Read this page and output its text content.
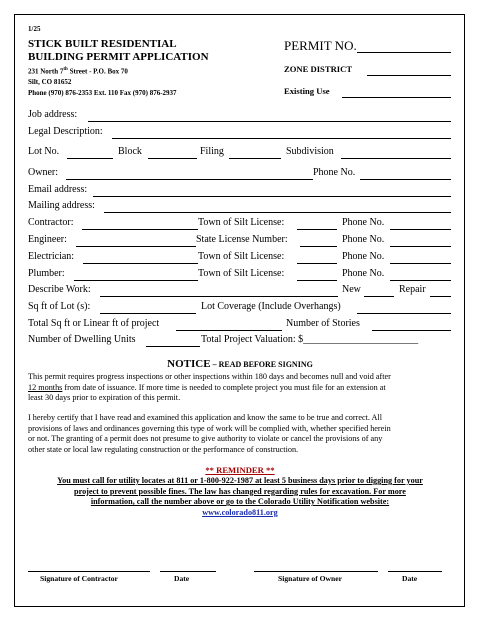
1/25
STICK BUILT RESIDENTIAL
BUILDING PERMIT APPLICATION
231 North 7th Street - P.O. Box 70
Silt, CO 81652
Phone (970) 876-2353 Ext. 110 Fax (970) 876-2937
PERMIT NO.
ZONE DISTRICT
Existing Use
Job address:
Legal Description:
Lot No.	Block	Filing	Subdivision
Owner:	Phone No.
Email address:
Mailing address:
Contractor:	Town of Silt License:	Phone No.
Engineer:	State License Number:	Phone No.
Electrician:	Town of Silt License:	Phone No.
Plumber:	Town of Silt License:	Phone No.
Describe Work:	New	Repair
Sq ft of Lot (s):	Lot Coverage (Include Overhangs)
Total Sq ft or Linear ft of project	Number of Stories
Number of Dwelling Units	Total Project Valuation: $_______________________
NOTICE – READ BEFORE SIGNING
This permit requires progress inspections or other inspections within 180 days and becomes null and void after
12 months from date of issuance. If more time is needed to complete project you must file for an extension at
least 30 days prior to expiration of this permit.
I hereby certify that I have read and examined this application and know the same to be true and correct. All
provisions of laws and ordinances governing this type of work will be complied with, whether specified herein
or not. The granting of a permit does not presume to give authority to violate or cancel the provisions of any
other state or local law regulating construction or the performance of construction.
** REMINDER **
You must call for utility locates at 811 or 1-800-922-1987 at least 5 business days prior to digging for your
project to prevent possible fines. The law has changed regarding rules for excavation. For more
information, call the number above or go to the Colorado Utility Notification website:
www.colorado811.org
Signature of Contractor	Date	Signature of Owner	Date
